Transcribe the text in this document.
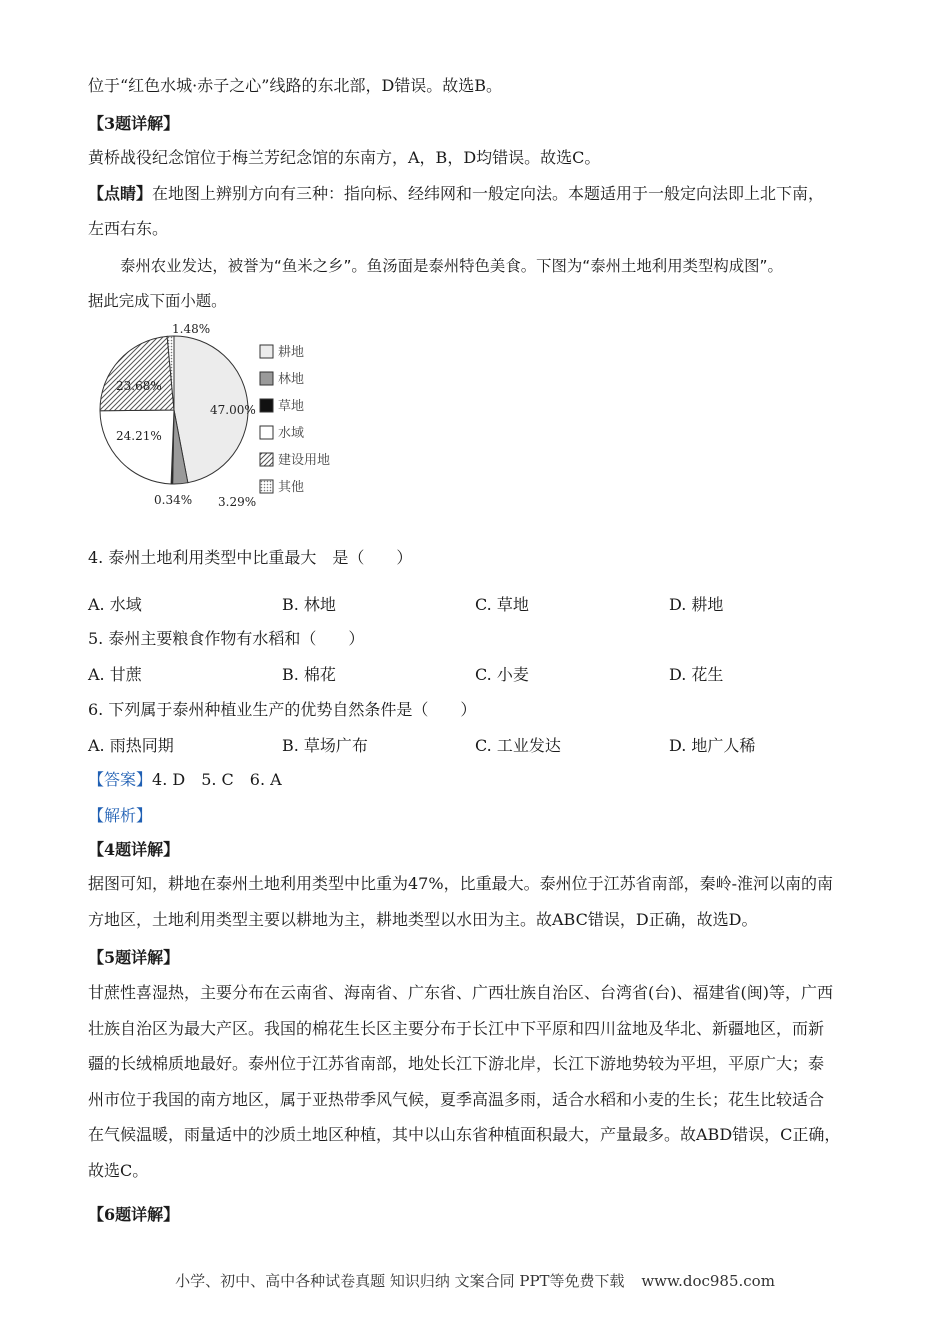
位于“红色水城·赤子之心”线路的东北部，D错误。故选B。
【3题详解】
黄桥战役纪念馆位于梅兰芳纪念馆的东南方，A，B，D均错误。故选C。
【点睛】在地图上辨别方向有三种：指向标、经纬网和一般定向法。本题适用于一般定向法即上北下南，
左西右东。
泰州农业发达，被誉为“鱼米之乡”。鱼汤面是泰州特色美食。下图为“泰州土地利用类型构成图”。
据此完成下面小题。
47.00%
3.29%
0.34%
24.21%
23.68%
1.48%
耕地
林地
草地
水域
建设用地
其他
4. 泰州土地利用类型中比重最大　是（　　）
A. 水域	B. 林地	C. 草地	D. 耕地
5. 泰州主要粮食作物有水稻和（　　）
A. 甘蔗	B. 棉花	C. 小麦	D. 花生
6. 下列属于泰州种植业生产的优势自然条件是（　　）
A. 雨热同期	B. 草场广布	C. 工业发达	D. 地广人稀
【答案】4. D  5. C  6. A
【解析】
【4题详解】
据图可知，耕地在泰州土地利用类型中比重为47%，比重最大。泰州位于江苏省南部，秦岭-淮河以南的南
方地区，土地利用类型主要以耕地为主，耕地类型以水田为主。故ABC错误，D正确，故选D。
【5题详解】
甘蔗性喜湿热，主要分布在云南省、海南省、广东省、广西壮族自治区、台湾省(台)、福建省(闽)等，广西
壮族自治区为最大产区。我国的棉花生长区主要分布于长江中下平原和四川盆地及华北、新疆地区，而新
疆的长绒棉质地最好。泰州位于江苏省南部，地处长江下游北岸，长江下游地势较为平坦，平原广大；泰
州市位于我国的南方地区，属于亚热带季风气候，夏季高温多雨，适合水稻和小麦的生长；花生比较适合
在气候温暖，雨量适中的沙质土地区种植，其中以山东省种植面积最大，产量最多。故ABD错误，C正确，
故选C。
【6题详解】
小学、初中、高中各种试卷真题 知识归纳 文案合同 PPT等免费下载 www.doc985.com
